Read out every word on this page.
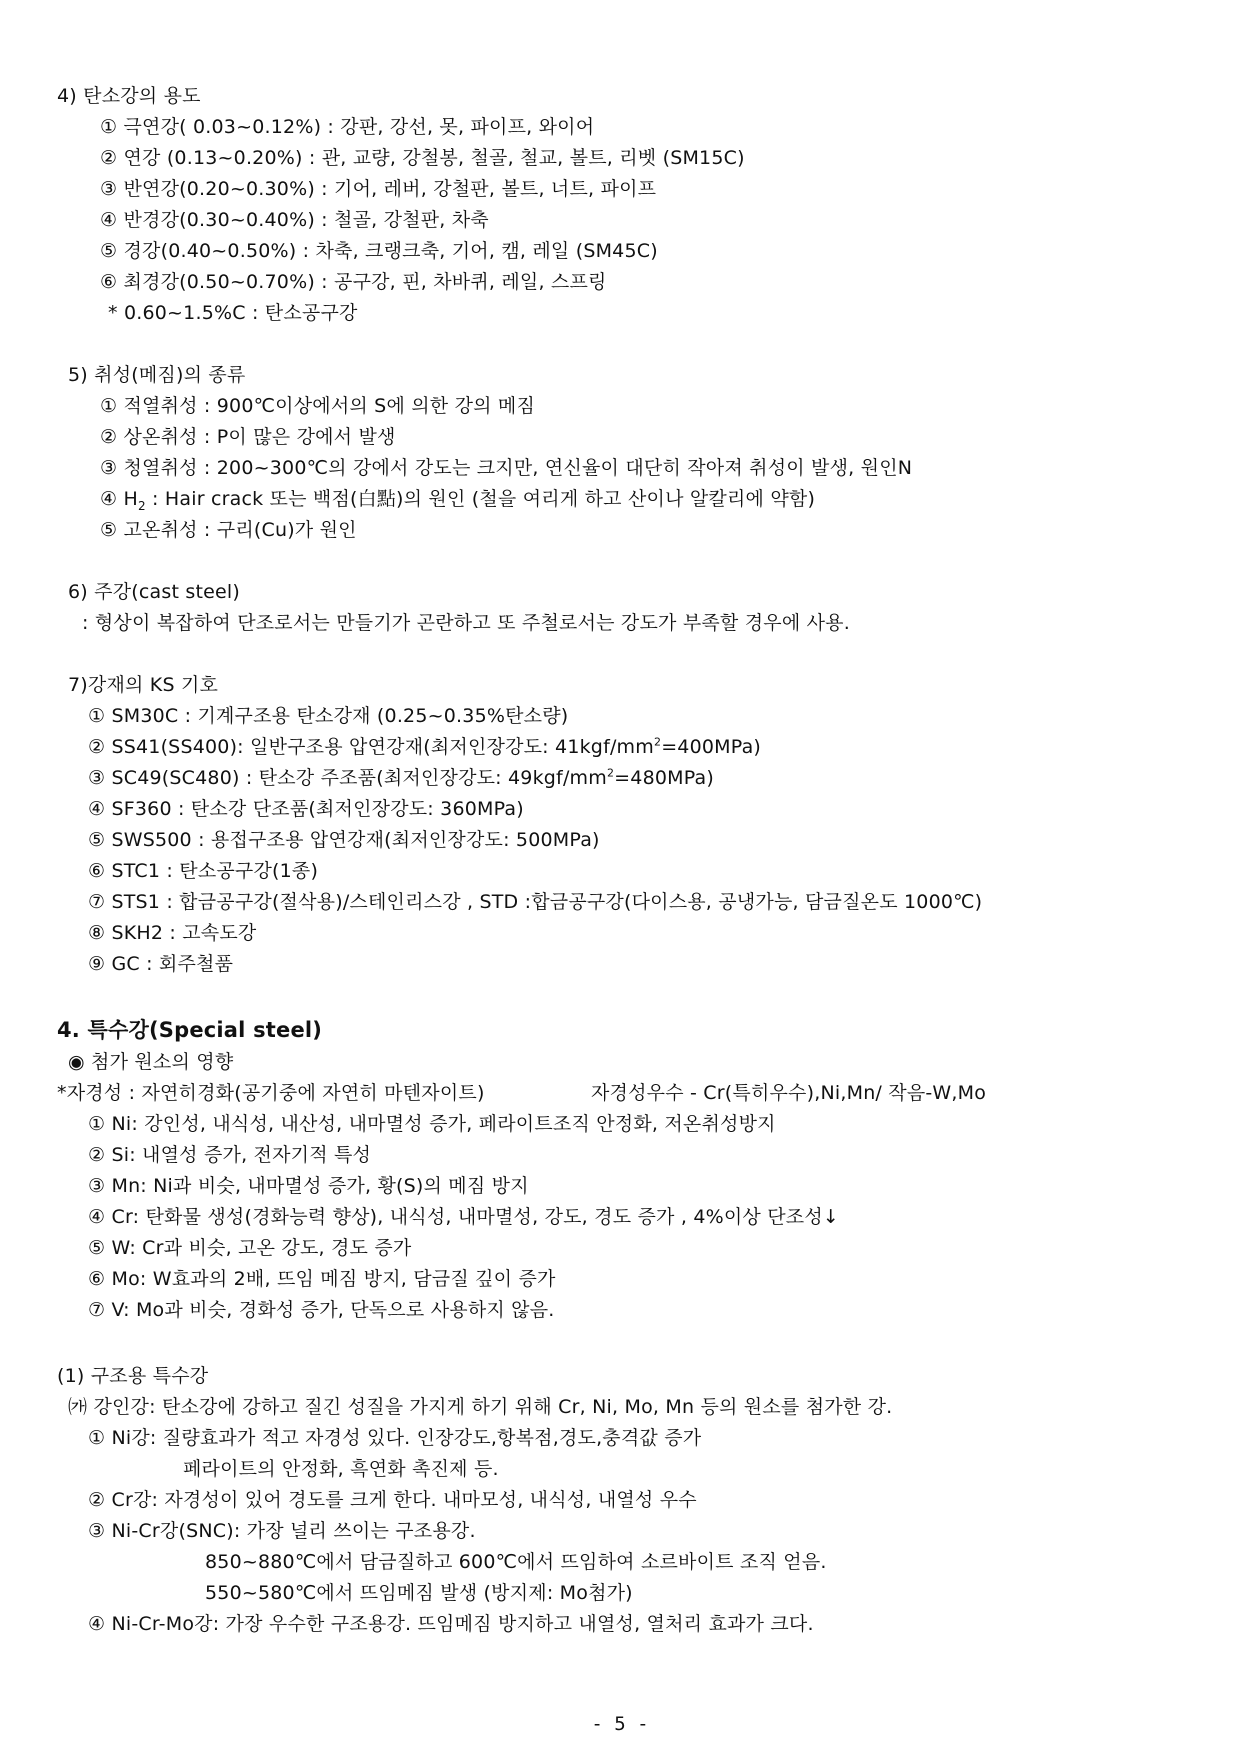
4) 탄소강의 용도
① 극연강( 0.03~0.12%) : 강판, 강선, 못, 파이프, 와이어
② 연강 (0.13~0.20%) : 관, 교량, 강철봉, 철골, 철교, 볼트, 리벳 (SM15C)
③ 반연강(0.20~0.30%) : 기어, 레버, 강철판, 볼트, 너트, 파이프
④ 반경강(0.30~0.40%) : 철골, 강철판, 차축
⑤ 경강(0.40~0.50%) : 차축, 크랭크축, 기어, 캠, 레일 (SM45C)
⑥ 최경강(0.50~0.70%) : 공구강, 핀, 차바퀴, 레일, 스프링
* 0.60~1.5%C : 탄소공구강
5) 취성(메짐)의 종류
① 적열취성 : 900℃이상에서의 S에 의한 강의 메짐
② 상온취성 : P이 많은 강에서 발생
③ 청열취성 : 200~300℃의 강에서 강도는 크지만, 연신율이 대단히 작아져 취성이 발생, 원인N
④ $H_2$ : Hair crack 또는 백점(白點)의 원인 (철을 여리게 하고 산이나 알칼리에 약함)
⑤ 고온취성 : 구리(Cu)가 원인
6) 주강(cast steel)
: 형상이 복잡하여 단조로서는 만들기가 곤란하고 또 주철로서는 강도가 부족할 경우에 사용.
7)강재의 KS 기호
① SM30C : 기계구조용 탄소강재 (0.25~0.35%탄소량)
② SS41(SS400): 일반구조용 압연강재(최저인장강도: $41kgf/mm^2=400MPa$)
③ SC49(SC480) : 탄소강 주조품(최저인장강도: $49kgf/mm^2=480MPa$)
④ SF360 : 탄소강 단조품(최저인장강도: 360MPa)
⑤ SWS500 : 용접구조용 압연강재(최저인장강도: 500MPa)
⑥ STC1 : 탄소공구강(1종)
⑦ STS1 : 합금공구강(절삭용)/스테인리스강 , STD :합금공구강(다이스용, 공냉가능, 담금질온도 1000℃)
⑧ SKH2 : 고속도강
⑨ GC : 회주철품
4. 특수강(Special steel)
◉ 첨가 원소의 영향
*자경성 : 자연히경화(공기중에 자연히 마텐자이트)	자경성우수 - Cr(특히우수),Ni,Mn/ 작음-W,Mo
① Ni: 강인성, 내식성, 내산성, 내마멸성 증가, 페라이트조직 안정화, 저온취성방지
② Si: 내열성 증가, 전자기적 특성
③ Mn: Ni과 비슷, 내마멸성 증가, 황(S)의 메짐 방지
④ Cr: 탄화물 생성(경화능력 향상), 내식성, 내마멸성, 강도, 경도 증가 , 4%이상 단조성↓
⑤ W: Cr과 비슷, 고온 강도, 경도 증가
⑥ Mo: W효과의 2배, 뜨임 메짐 방지, 담금질 깊이 증가
⑦ V: Mo과 비슷, 경화성 증가, 단독으로 사용하지 않음.
(1) 구조용 특수강
㈎ 강인강: 탄소강에 강하고 질긴 성질을 가지게 하기 위해 Cr, Ni, Mo, Mn 등의 원소를 첨가한 강.
① Ni강: 질량효과가 적고 자경성 있다. 인장강도,항복점,경도,충격값 증가
페라이트의 안정화, 흑연화 촉진제 등.
② Cr강: 자경성이 있어 경도를 크게 한다. 내마모성, 내식성, 내열성 우수
③ Ni-Cr강(SNC): 가장 널리 쓰이는 구조용강.
850~880℃에서 담금질하고 600℃에서 뜨임하여 소르바이트 조직 얻음.
550~580℃에서 뜨임메짐 발생 (방지제: Mo첨가)
④ Ni-Cr-Mo강: 가장 우수한 구조용강. 뜨임메짐 방지하고 내열성, 열처리 효과가 크다.
- 5 -
